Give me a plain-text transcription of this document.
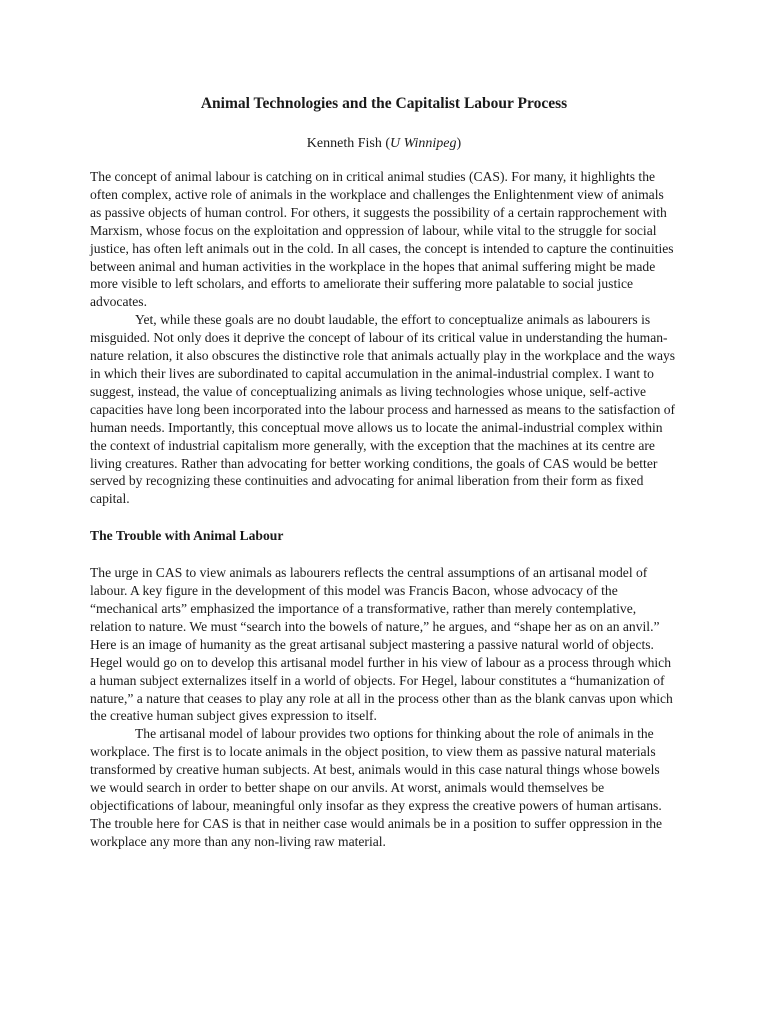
Animal Technologies and the Capitalist Labour Process

Kenneth Fish (U Winnipeg)

The concept of animal labour is catching on in critical animal studies (CAS). For many, it highlights the often complex, active role of animals in the workplace and challenges the Enlightenment view of animals as passive objects of human control. For others, it suggests the possibility of a certain rapprochement with Marxism, whose focus on the exploitation and oppression of labour, while vital to the struggle for social justice, has often left animals out in the cold. In all cases, the concept is intended to capture the continuities between animal and human activities in the workplace in the hopes that animal suffering might be made more visible to left scholars, and efforts to ameliorate their suffering more palatable to social justice advocates.

Yet, while these goals are no doubt laudable, the effort to conceptualize animals as labourers is misguided. Not only does it deprive the concept of labour of its critical value in understanding the human-nature relation, it also obscures the distinctive role that animals actually play in the workplace and the ways in which their lives are subordinated to capital accumulation in the animal-industrial complex. I want to suggest, instead, the value of conceptualizing animals as living technologies whose unique, self-active capacities have long been incorporated into the labour process and harnessed as means to the satisfaction of human needs. Importantly, this conceptual move allows us to locate the animal-industrial complex within the context of industrial capitalism more generally, with the exception that the machines at its centre are living creatures. Rather than advocating for better working conditions, the goals of CAS would be better served by recognizing these continuities and advocating for animal liberation from their form as fixed capital.

The Trouble with Animal Labour

The urge in CAS to view animals as labourers reflects the central assumptions of an artisanal model of labour. A key figure in the development of this model was Francis Bacon, whose advocacy of the “mechanical arts” emphasized the importance of a transformative, rather than merely contemplative, relation to nature. We must “search into the bowels of nature,” he argues, and “shape her as on an anvil.” Here is an image of humanity as the great artisanal subject mastering a passive natural world of objects. Hegel would go on to develop this artisanal model further in his view of labour as a process through which a human subject externalizes itself in a world of objects. For Hegel, labour constitutes a “humanization of nature,” a nature that ceases to play any role at all in the process other than as the blank canvas upon which the creative human subject gives expression to itself.

The artisanal model of labour provides two options for thinking about the role of animals in the workplace. The first is to locate animals in the object position, to view them as passive natural materials transformed by creative human subjects. At best, animals would in this case natural things whose bowels we would search in order to better shape on our anvils. At worst, animals would themselves be objectifications of labour, meaningful only insofar as they express the creative powers of human artisans. The trouble here for CAS is that in neither case would animals be in a position to suffer oppression in the workplace any more than any non-living raw material.
